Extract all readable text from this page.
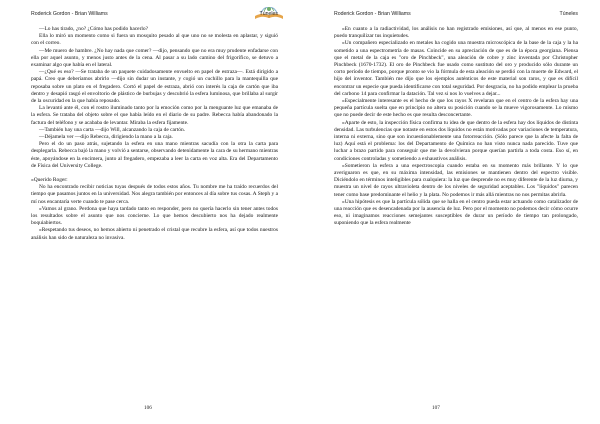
Roderick Gordon - Brian Williams	Túneles

—Lo has tirado, ¿no? ¿Cómo has podido hacerlo?

Ella lo miró un momento como si fuera un mosquito pesado al que uno no se molesta en aplastar, y siguió con el correo.

—Me muero de hambre. ¿No hay nada que comer? —dijo, pensando que no era muy prudente enfadarse con ella por aquel asunto, y menos justo antes de la cena. Al pasar a su lado camino del frigorífico, se detuvo a examinar algo que había en el lateral.

—¿Qué es eso? —Se trataba de un paquete cuidadosamente envuelto en papel de estraza—. Está dirigido a papá. Creo que deberíamos abrirlo —dijo sin dudar un instante, y cogió un cuchillo para la mantequilla que reposaba sobre un plato en el fregadero. Cortó el papel de estraza, abrió con interés la caja de cartón que iba dentro y desapió rasgó el envoltorio de plástico de burbujas y descubrió la esfera luminosa, que brillaba al surgir de la oscuridad en la que había reposado.

La levantó ante él, con el rostro iluminado tanto por la emoción como por la menguante luz que emanaba de la esfera. Se trataba del objeto sobre el que había leído en el diario de su padre. Rebecca había abandonado la factura del teléfono y se acababa de levantar. Miraba la esfera fijamente.

—También hay una carta —dijo Will, alcanzando la caja de cartón.

—Déjamela ver —dijo Rebecca, dirigiendo la mano a la caja.

Pero el do un paso atrás, sujetando la esfera en una mano mientras sacudía con la otra la carta para desplegarla. Rebecca bajó la mano y volvió a sentarse, observando detenidamente la cara de su hermano mientras éste, apoyándose en la encimera, junto al fregadero, empezaba a leer la carta en voz alta. Era del Departamento de Física del University College.

«Querido Roger:

No ha encontrado recibir noticias tuyas después de todos estos años. Tu nombre me ha traído recuerdos del tiempo que pasamos juntos en la universidad. Nos alegra también por entonces al día sobre tus cosas. A Steph y a mí nos encantaría verte cuando te pase cerca.

»Vamos al grano. Perdona que haya tardado tanto en responder, pero no quería hacerlo sin tener antes todos los resultados sobre el asunto que nos concierne. Lo que hemos descubierto nos ha dejado realmente boquiabiertos.

»Respetando tus deseos, no hemos abierto ni penetrado el cristal que recubre la esfera, así que todos nuestros análisis han sido de naturaleza no invasiva.

106
Roderick Gordon - Brian Williams	Túneles

»En cuanto a la radiactividad, los análisis no han registrado emisiones, así que, al menos en ese punto, puedo tranquilizar tus inquietudes.

»Un compañero especializado en metales ha cogido una muestra microscópica de la base de la caja y la ha sometido a una espectrometría de masas. Coincide en su apreciación de que es de la época georgiana. Piensa que el metal de la caja es "oro de Pinchbeck", una aleación de cobre y zinc inventada por Christopher Pinchbeck (1670-1732). El oro de Pinchbeck fue usado como sustituto del oro y producido sólo durante un corto período de tiempo, porque pronto se vio la fórmula de esta aleación se perdió con la muerte de Edward, el hijo del inventor. También me dijo que los ejemplos auténticos de este material son raros, y que es difícil encontrar un especie que pueda identificarse con total seguridad. Por desgracia, no ha podido emplear la prueba del carbono 14 para confirmar la datación. Tal vez si nos lo vuelves a dejar...

»Especialmente interesante es el hecho de que los rayos X revelaran que en el centro de la esfera hay una pequeña partícula suelta que en principio no altera su posición cuando se la mueve vigorosamente. Lo mismo que no puede decir de este hecho es que resulta desconcertante.

»Aparte de esto, la inspección física confirma tu idea de que dentro de la esfera hay dos líquidos de distinta densidad. Las turbulencias que notaste en estos dos líquidos no están motivadas por variaciones de temperatura, interna ni externa, sino que son incuestionablemente una fotorreacción. (Sólo parece que la afecte la falta de luz) Aquí está el problema: los del Departamento de Química no han visto nunca nada parecido. Tuve que luchar a brazo partido para conseguir que me la devolvieran porque querían partirla a toda costa. Eso sí, en condiciones controladas y sometiendo a exhaustivos análisis.

»Sometieron la esfera a una espectroscopia cuando estaba en su momento más brillante. Y lo que averiguaron es que, en su máxima intensidad, las emisiones se mantienen dentro del espectro visible. Diciéndolo en términos inteligibles para cualquiera: la luz que desprende no es muy diferente de la luz diurna, y muestra un nivel de rayos ultravioleta dentro de los niveles de seguridad aceptables. Los "líquidos" parecen tener como base predominante el helio y la plata. No podemos ir más allá mientras no nos permitas abrirla.

»Una hipótesis es que la partícula sólida que se halla en el centro pueda estar actuando como catalizador de una reacción que es desencadenada por la ausencia de luz. Pero por el momento no podemos decir cómo ocurre eso, ni imaginamos reacciones semejantes susceptibles de durar un período de tiempo tan prolongado, suponiendo que la esfera realmente

107
